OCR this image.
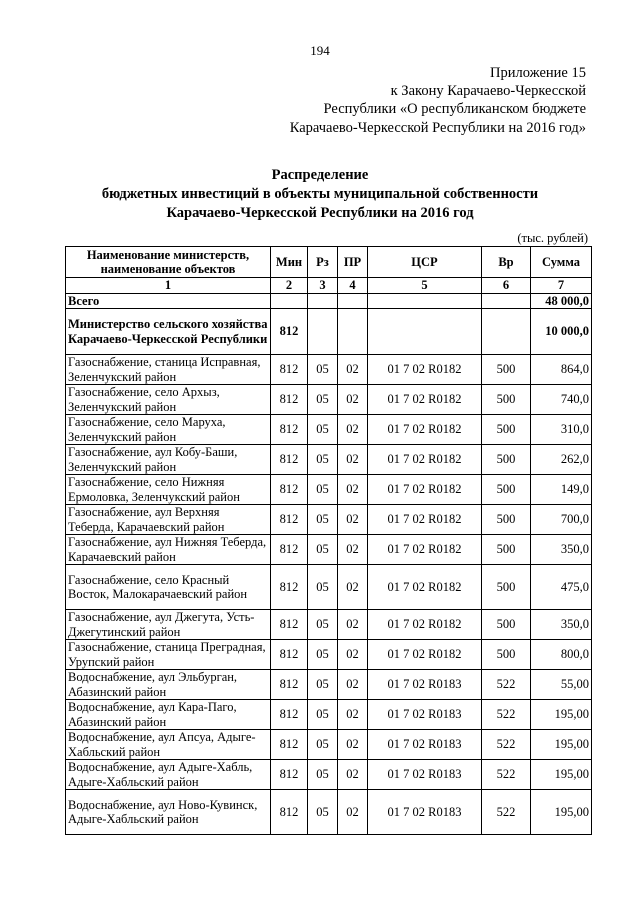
194
Приложение 15
к Закону Карачаево-Черкесской
Республики «О республиканском бюджете
Карачаево-Черкесской Республики на 2016 год»
Распределение
бюджетных инвестиций в объекты муниципальной собственности
Карачаево-Черкесской Республики на 2016 год
(тыс. рублей)
Наименование министерств, наименование объектов	Мин	Рз	ПР	ЦСР	Вр	Сумма
1	2	3	4	5	6	7
Всего						48 000,0
Министерство сельского хозяйства Карачаево-Черкесской Республики	812					10 000,0
Газоснабжение, станица Исправная, Зеленчукский район	812	05	02	01 7 02 R0182	500	864,0
Газоснабжение, село Архыз, Зеленчукский район	812	05	02	01 7 02 R0182	500	740,0
Газоснабжение, село Маруха, Зеленчукский район	812	05	02	01 7 02 R0182	500	310,0
Газоснабжение, аул Кобу-Баши, Зеленчукский район	812	05	02	01 7 02 R0182	500	262,0
Газоснабжение, село Нижняя Ермоловка, Зеленчукский район	812	05	02	01 7 02 R0182	500	149,0
Газоснабжение, аул Верхняя Теберда, Карачаевский район	812	05	02	01 7 02 R0182	500	700,0
Газоснабжение, аул Нижняя Теберда, Карачаевский район	812	05	02	01 7 02 R0182	500	350,0
Газоснабжение, село Красный Восток, Малокарачаевский район	812	05	02	01 7 02 R0182	500	475,0
Газоснабжение, аул Джегута, Усть-Джегутинский район	812	05	02	01 7 02 R0182	500	350,0
Газоснабжение, станица Преградная, Урупский район	812	05	02	01 7 02 R0182	500	800,0
Водоснабжение, аул Эльбурган, Абазинский район	812	05	02	01 7 02 R0183	522	55,00
Водоснабжение, аул Кара-Паго, Абазинский район	812	05	02	01 7 02 R0183	522	195,00
Водоснабжение, аул Апсуа, Адыге-Хабльский район	812	05	02	01 7 02 R0183	522	195,00
Водоснабжение, аул Адыге-Хабль, Адыге-Хабльский район	812	05	02	01 7 02 R0183	522	195,00
Водоснабжение, аул Ново-Кувинск, Адыге-Хабльский район	812	05	02	01 7 02 R0183	522	195,00
